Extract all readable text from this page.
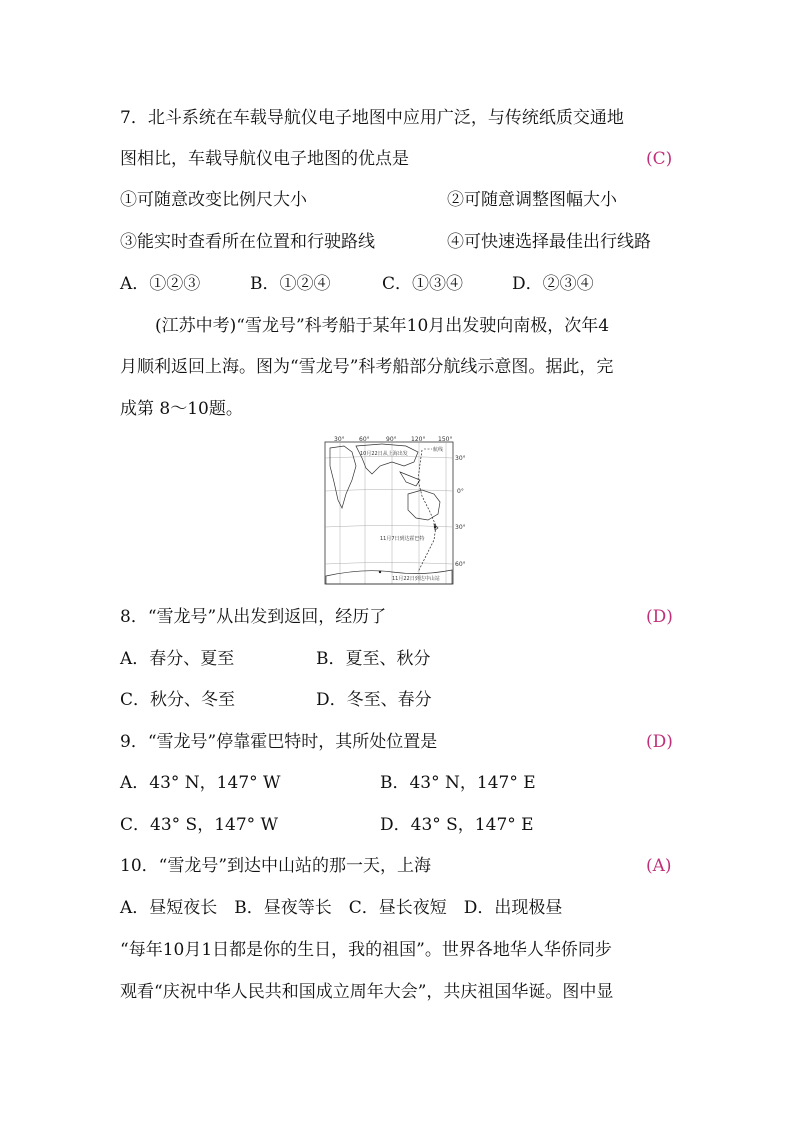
7．北斗系统在车载导航仪电子地图中应用广泛，与传统纸质交通地
图相比，车载导航仪电子地图的优点是	(C)
①可随意改变比例尺大小	②可随意调整图幅大小
③能实时查看所在位置和行驶路线	④可快速选择最佳出行线路
A．①②③	B．①②④	C．①③④	D．②③④
(江苏中考)“雪龙号”科考船于某年10月出发驶向南极，次年4
月顺利返回上海。图为“雪龙号”科考船部分航线示意图。据此，完
成第 8～10题。
30° 60°	90° 120° 150°
30°
0°
30°
60°
10月22日从上海出发
11月7日到达霍巴特
11月22日到达中山站
航线
8．“雪龙号”从出发到返回，经历了	(D)
A．春分、夏至	B．夏至、秋分
C．秋分、冬至	D．冬至、春分
9．“雪龙号”停靠霍巴特时，其所处位置是	(D)
A．43° N，147° W	B．43° N，147° E
C．43° S，147° W	D．43° S，147° E
10．“雪龙号”到达中山站的那一天，上海	(A)
A．昼短夜长　B．昼夜等长　C．昼长夜短　D．出现极昼
“每年10月1日都是你的生日，我的祖国”。世界各地华人华侨同步
观看“庆祝中华人民共和国成立周年大会”，共庆祖国华诞。图中显
